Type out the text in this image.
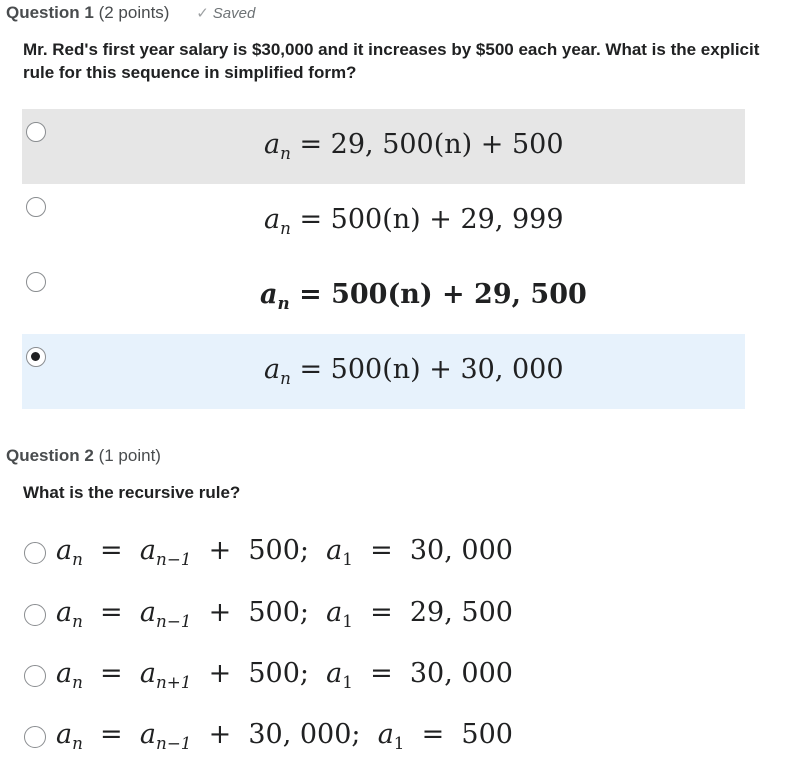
Question 1 (2 points) ✓ Saved
Mr. Red's first year salary is $30,000 and it increases by $500 each year. What is the explicit rule for this sequence in simplified form?
$a_n = 29$, 500(n) + 500
$a_n = 500(n) + 29$, 999
$a_n = 500(n) + 29$, 500
$a_n = 500(n) + 30$, 000
Question 2 (1 point)
What is the recursive rule?
$a_n = a_{n-1} + 500$;  $a_1 = 30$, 000
$a_n = a_{n-1} + 500$;  $a_1 = 29$, 500
$a_n = a_{n+1} + 500$;  $a_1 = 30$, 000
$a_n = a_{n-1} + 30$, 000;  $a_1 = 500$
